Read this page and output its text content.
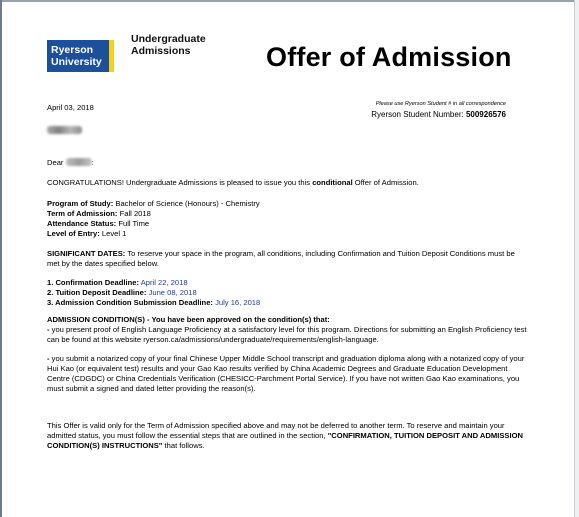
Ryerson
University
Undergraduate
Admissions	Offer of Admission
April 03, 2018	Please use Ryerson Student # in all correspondence
Ryerson Student Number: 500926576
Dear	:
CONGRATULATIONS! Undergraduate Admissions is pleased to issue you this conditional Offer of Admission.
Program of Study: Bachelor of Science (Honours) - Chemistry
Term of Admission: Fall 2018
Attendance Status: Full Time
Level of Entry: Level 1
SIGNIFICANT DATES: To reserve your space in the program, all conditions, including Confirmation and Tuition Deposit Conditions must be met by the dates specified below.
1. Confirmation Deadline: April 22, 2018
2. Tuition Deposit Deadline: June 08, 2018
3. Admission Condition Submission Deadline: July 16, 2018
ADMISSION CONDITION(S) - You have been approved on the condition(s) that:
- you present proof of English Language Proficiency at a satisfactory level for this program. Directions for submitting an English Proficiency test can be found at this website ryerson.ca/admissions/undergraduate/requirements/english-language.
- you submit a notarized copy of your final Chinese Upper Middle School transcript and graduation diploma along with a notarized copy of your Hui Kao (or equivalent test) results and your Gao Kao results verified by China Academic Degrees and Graduate Education Development Centre (CDGDC) or China Credentials Verification (CHESICC-Parchment Portal Service). If you have not written Gao Kao examinations, you must submit a signed and dated letter providing the reason(s).
This Offer is valid only for the Term of Admission specified above and may not be deferred to another term. To reserve and maintain your admitted status, you must follow the essential steps that are outlined in the section, "CONFIRMATION, TUITION DEPOSIT AND ADMISSION CONDITION(S) INSTRUCTIONS" that follows.
